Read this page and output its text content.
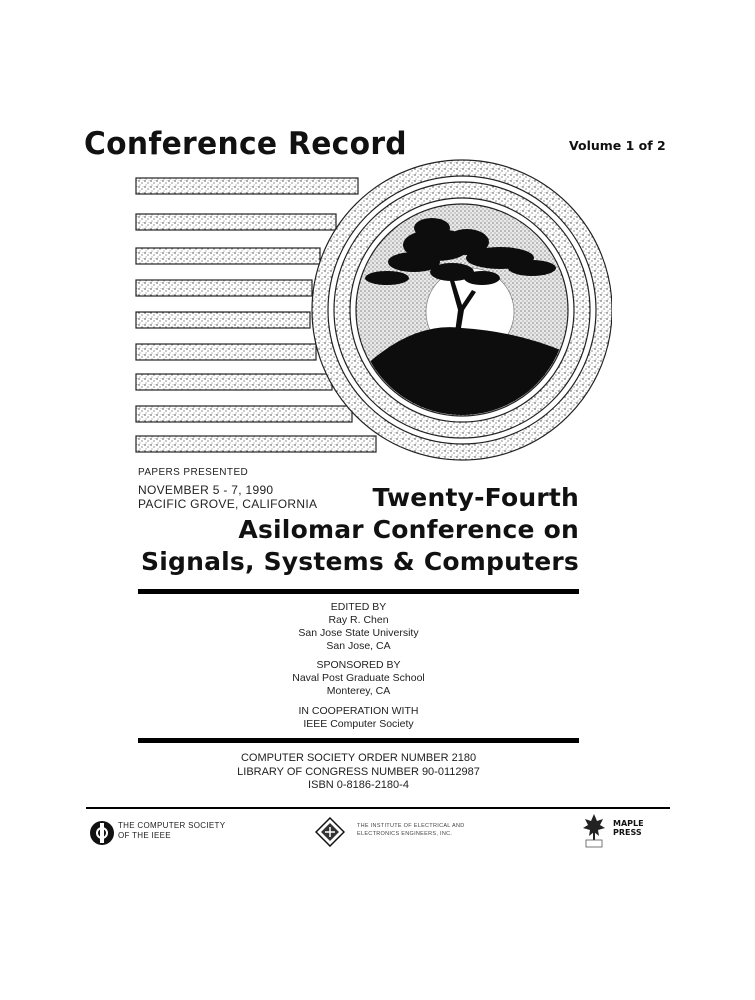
Conference Record	Volume 1 of 2
PAPERS PRESENTED
NOVEMBER 5 - 7, 1990
PACIFIC GROVE, CALIFORNIA Twenty-Fourth
Asilomar Conference on
Signals, Systems & Computers
EDITED BY
Ray R. Chen
San Jose State University
San Jose, CA
SPONSORED BY
Naval Post Graduate School
Monterey, CA
IN COOPERATION WITH
IEEE Computer Society
COMPUTER SOCIETY ORDER NUMBER 2180
LIBRARY OF CONGRESS NUMBER 90-0112987
ISBN 0-8186-2180-4
THE COMPUTER SOCIETY
OF THE IEEE
THE INSTITUTE OF ELECTRICAL AND
ELECTRONICS ENGINEERS, INC.
MAPLE
PRESS
